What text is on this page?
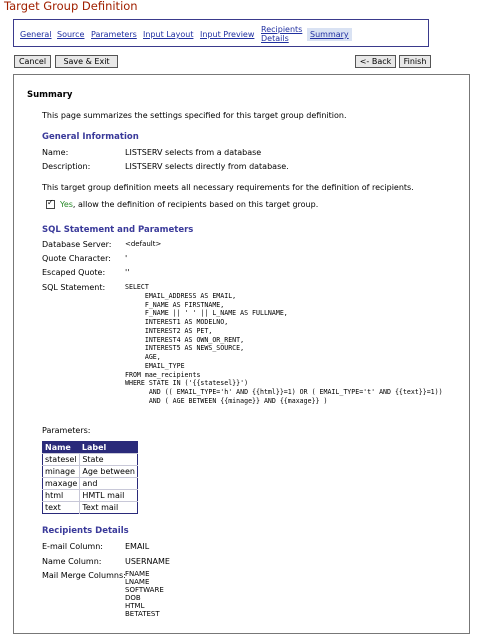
Target Group Definition
General Source Parameters Input Layout Input Preview
Recipients Details	Summary
Cancel	Save & Exit	<- Back	Finish
Summary
This page summarizes the settings specified for this target group definition.
General Information
Name:	LISTSERV selects from a database
Description:	LISTSERV selects directly from database.
This target group definition meets all necessary requirements for the definition of recipients.
✓
Yes, allow the definition of recipients based on this target group.
SQL Statement and Parameters
Database Server: <default>
Quote Character: '
Escaped Quote: ''
SQL Statement:	SELECT
EMAIL_ADDRESS AS EMAIL,
F_NAME AS FIRSTNAME,
F_NAME || ' ' || L_NAME AS FULLNAME,
INTEREST1 AS MODELNO,
INTEREST2 AS PET,
INTEREST4 AS OWN_OR_RENT,
INTEREST5 AS NEWS_SOURCE,
AGE,
EMAIL_TYPE
FROM mae_recipients
WHERE STATE IN ('{{statesel}}')
AND (( EMAIL_TYPE='h' AND {{html}}=1) OR ( EMAIL_TYPE='t' AND {{text}}=1))
AND ( AGE BETWEEN {{minage}} AND {{maxage}} )
Parameters:
Name	Label
statesel	State
minage	Age between
maxage	and
html	HMTL mail
text	Text mail
Recipients Details
E-mail Column:	EMAIL
Name Column:	USERNAME
Mail Merge Columns: FNAME
LNAME
SOFTWARE
DOB
HTML
BETATEST
